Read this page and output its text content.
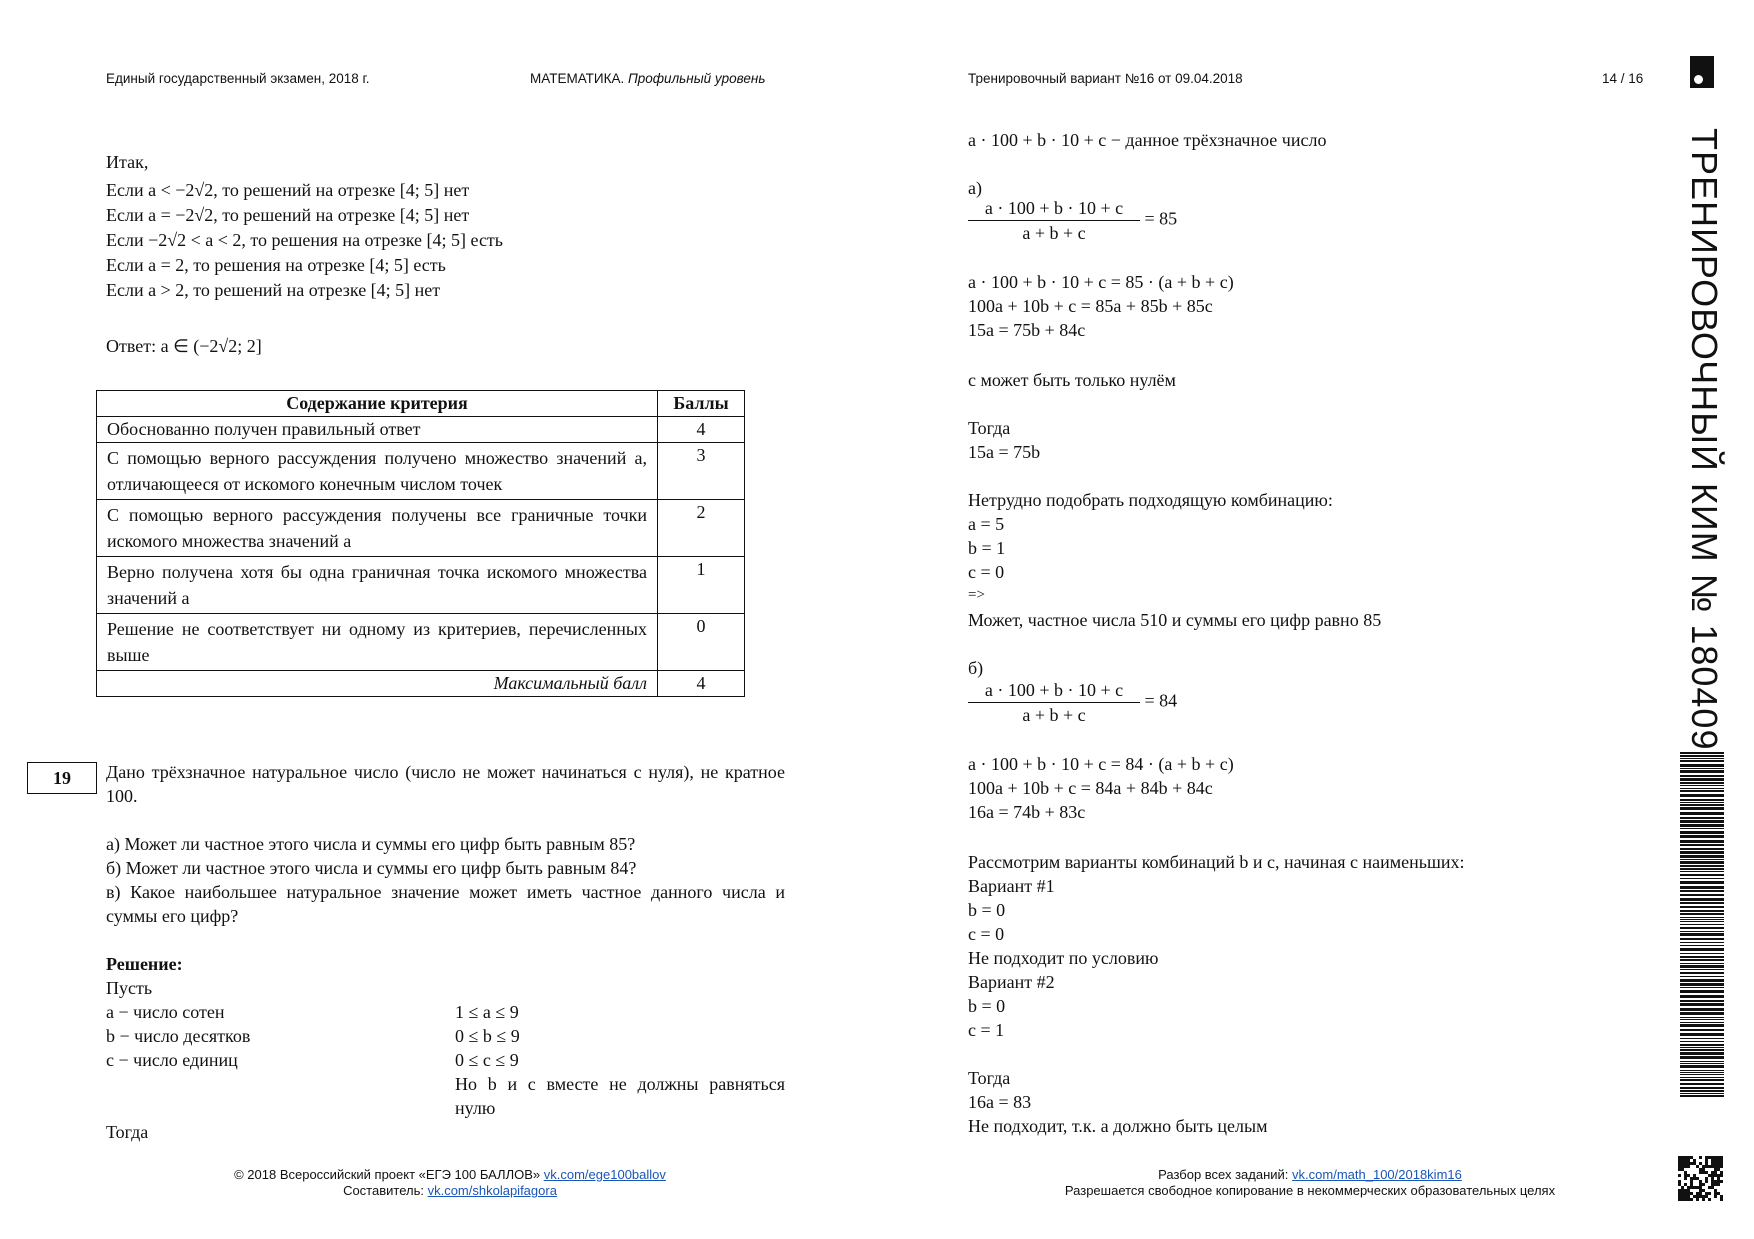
Единый государственный экзамен, 2018 г.	МАТЕМАТИКА. Профильный уровень	Тренировочный вариант №16 от 09.04.2018	14 / 16
ТРЕНИРОВОЧНЫЙ КИМ № 180409
Итак,
Если a < −2√2, то решений на отрезке [4; 5] нет
Если a = −2√2, то решений на отрезке [4; 5] нет
Если −2√2 < a < 2, то решения на отрезке [4; 5] есть
Если a = 2, то решения на отрезке [4; 5] есть
Если a > 2, то решений на отрезке [4; 5] нет
Ответ: a ∈ (−2√2; 2]
Содержание критерия	Баллы
Обоснованно получен правильный ответ	4
С помощью верного рассуждения получено множество значений a, отличающееся от искомого конечным числом точек	3
С помощью верного рассуждения получены все граничные точки искомого множества значений a	2
Верно получена хотя бы одна граничная точка искомого множества значений a	1
Решение не соответствует ни одному из критериев, перечисленных выше	0
Максимальный балл	4
19	Дано трёхзначное натуральное число (число не может начинаться с нуля), не кратное 100.
а) Может ли частное этого числа и суммы его цифр быть равным 85?
б) Может ли частное этого числа и суммы его цифр быть равным 84?
в) Какое наибольшее натуральное значение может иметь частное данного числа и суммы его цифр?
Решение:
Пусть
a − число сотен	1 ≤ a ≤ 9
b − число десятков	0 ≤ b ≤ 9
c − число единиц	0 ≤ c ≤ 9
Но b и c вместе не должны равняться нулю
Тогда
a · 100 + b · 10 + c − данное трёхзначное число
а)
$\frac{a \cdot 100 + b \cdot 10 + c}{a + b + c} = 85$
a · 100 + b · 10 + c = 85 · (a + b + c)
100a + 10b + c = 85a + 85b + 85c
15a = 75b + 84c
c может быть только нулём
Тогда
15a = 75b
Нетрудно подобрать подходящую комбинацию:
a = 5
b = 1
c = 0
=>
Может, частное числа 510 и суммы его цифр равно 85
б)
$\frac{a \cdot 100 + b \cdot 10 + c}{a + b + c} = 84$
a · 100 + b · 10 + c = 84 · (a + b + c)
100a + 10b + c = 84a + 84b + 84c
16a = 74b + 83c
Рассмотрим варианты комбинаций b и c, начиная с наименьших:
Вариант #1
b = 0
c = 0
Не подходит по условию
Вариант #2
b = 0
c = 1
Тогда
16a = 83
Не подходит, т.к. a должно быть целым
© 2018 Всероссийский проект «ЕГЭ 100 БАЛЛОВ» vk.com/ege100ballov
Составитель: vk.com/shkolapifagora
Разбор всех заданий: vk.com/math_100/2018kim16
Разрешается свободное копирование в некоммерческих образовательных целях
